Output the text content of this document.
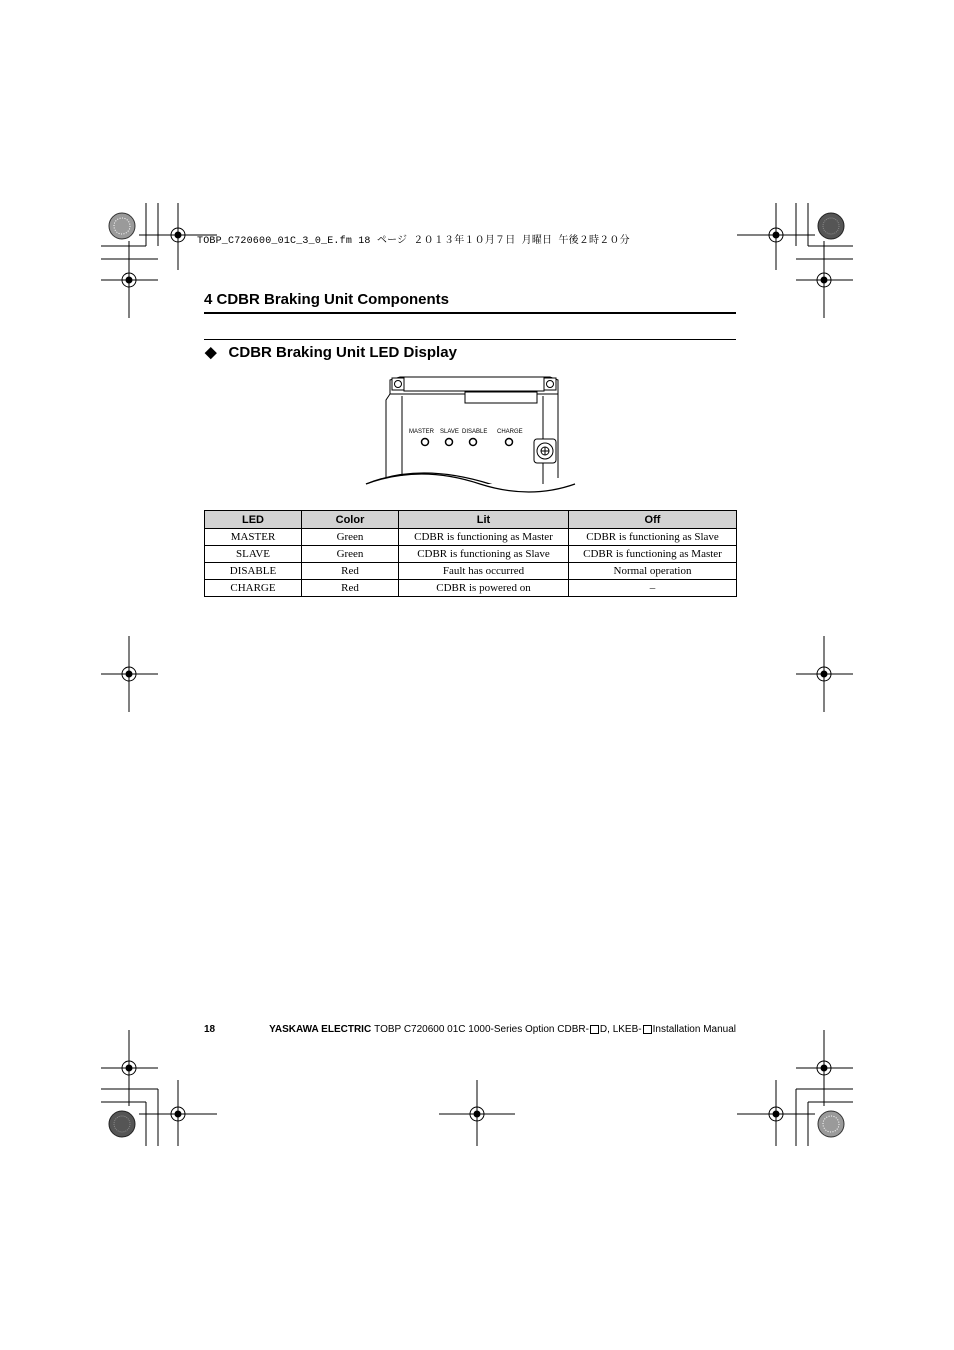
TOBP_C720600_01C_3_0_E.fm 18 ページ ２０１３年１０月７日 月曜日 午後２時２０分
4 CDBR Braking Unit Components
◆ CDBR Braking Unit LED Display
MASTER SLAVE DISABLE CHARGE
LED	Color	Lit	Off
MASTER	Green	CDBR is functioning as Master	CDBR is functioning as Slave
SLAVE	Green	CDBR is functioning as Slave	CDBR is functioning as Master
DISABLE	Red	Fault has occurred	Normal operation
CHARGE	Red	CDBR is powered on	–
18	YASKAWA ELECTRIC TOBP C720600 01C 1000-Series Option CDBR- D, LKEB- Installation Manual
